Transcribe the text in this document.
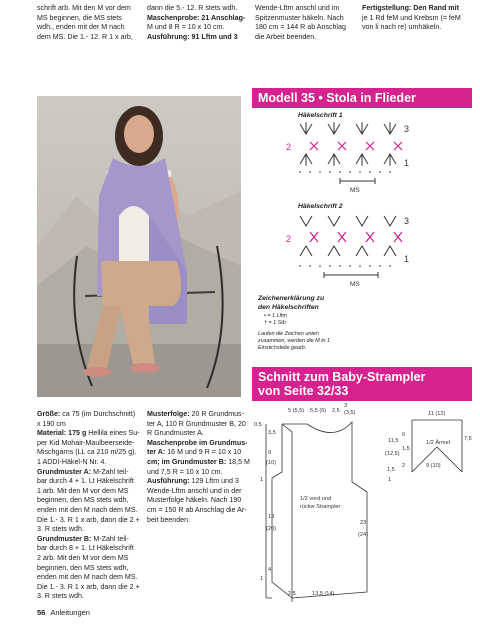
schrift arb. Mit den M vor dem
MS beginnen, die MS stets
wdh., enden mit der M nach
dem MS. Die 1.- 12. R 1 x arb,
dann die 5.- 12. R stets wdh.
Maschenprobe: 21 Anschlag-
M und 8 R = 10 x 10 cm.
Ausführung: 91 Lftm und 3
Wende-Lftm anschl und im
Spitzenmuster häkeln. Nach
180 cm = 144 R ab Anschlag
die Arbeit beenden.
Fertigstellung: Den Rand mit
je 1 Rd feM und Krebsm (= feM
von li nach re) umhäkeln.
Modell 35 • Stola in Flieder
Häkelschrift 1
3
2
1
MS
Häkelschrift 2
3
2
1
MS
Zeichenerklärung zu
den Häkelschriften
• = 1 Lftm
† = 1 Stb
Laufen die Zeichen unten
zusammen, werden die M in 1
Einstichstelle gearb.
Schnitt zum Baby-Strampler
von Seite 32/33
Größe: ca 75 (im Durchschnitt)
x 190 cm
Material: 175 g Hellila eines Su-
per Kid Mohair-Maulbeerseide-
Mischgarns (LL ca 210 m/25 g).
1 ADDI-Häkel-N Nr. 4.
Grundmuster A: M-Zahl teil-
bar durch 4 + 1. Lt Häkelschrift
1 arb. Mit den M vor dem MS
beginnen, den MS stets wdh,
enden mit den M nach dem MS.
Die 1.- 3. R 1 x arb, dann die 2.+
3. R stets wdh.
Grundmuster B: M-Zahl teil-
bar durch 8 + 1. Lt Häkelschrift
2 arb. Mit den M vor dem MS
beginnen, den MS stets wdh,
enden mit den M nach dem MS.
Die 1.- 3. R 1 x arb, dann die 2.+
3. R stets wdh.
Musterfolge: 20 R Grundmus-
ter A, 110 R Grundmuster B, 20
R Grundmuster A.
Maschenprobe im Grundmus-
ter A: 16 M und 9 R = 10 x 10
cm; im Grundmuster B: 18,5 M
und 7,5 R = 10 x 10 cm.
Ausführung: 129 Lftm und 3
Wende-Lftm anschl und in der
Musterfolge häkeln. Nach 190
cm = 150 R ab Anschlag die Ar-
beit beenden.
5 (5,5) 5,5 (6) 2,5
3
(3,5)
0,5
3,5
9
(10)
1
19
(20)
4
1
11,5
(12,5)
1,5
1
23
(24)
2,5	13,5 (14)
1/2 vord und
rückw Strampler
11 (12)
1/2 Ärmel
6
1,5
7,5
2	9 (10)
56 Anleitungen
